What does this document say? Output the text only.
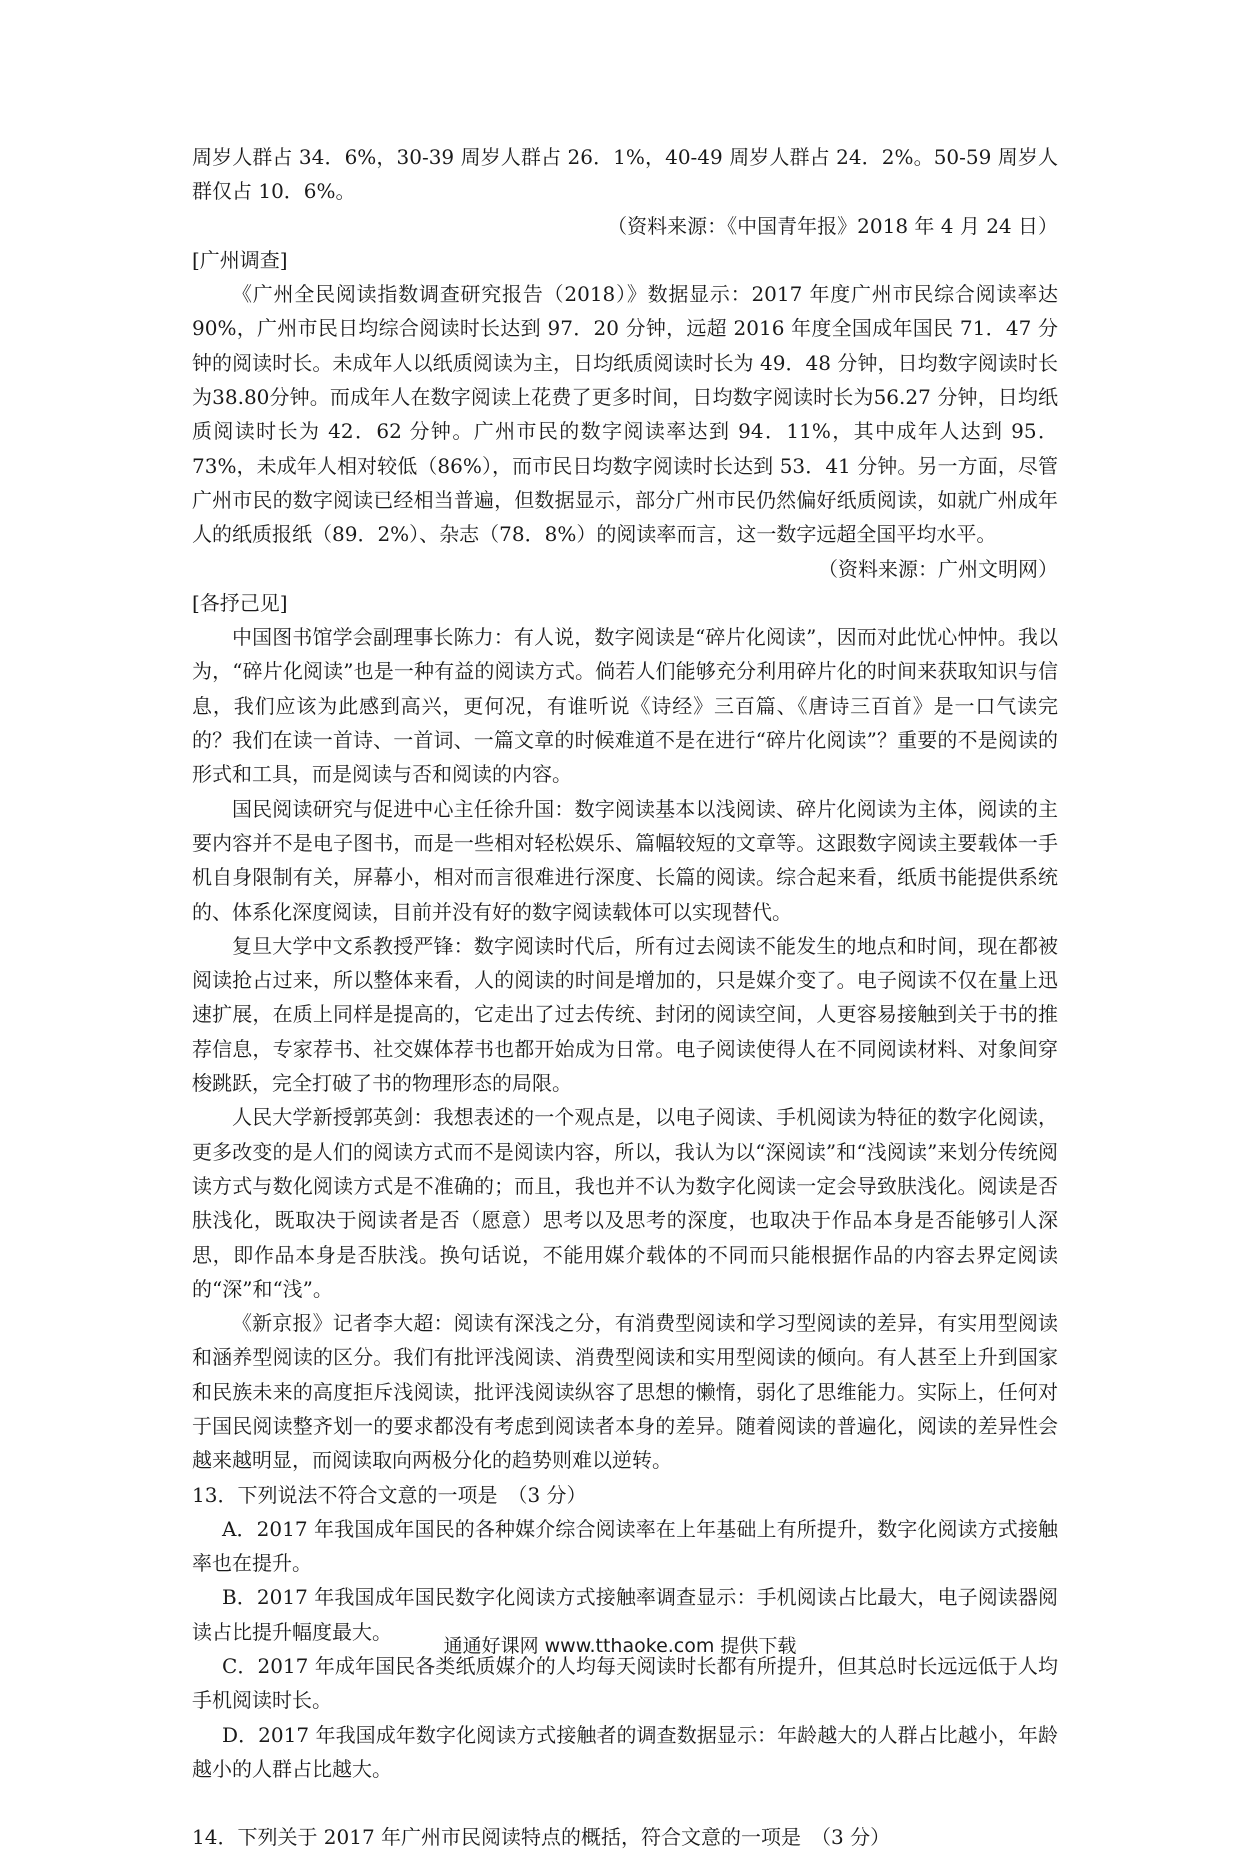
周岁人群占 34．6%，30-39 周岁人群占 26．1%，40-49 周岁人群占 24．2%。50-59 周岁人群仅占 10．6%。

（资料来源：《中国青年报》2018 年 4 月 24 日）

[广州调查]

《广州全民阅读指数调查研究报告（2018）》数据显示：2017 年度广州市民综合阅读率达 90%，广州市民日均综合阅读时长达到 97．20 分钟，远超 2016 年度全国成年国民 71．47 分钟的阅读时长。未成年人以纸质阅读为主，日均纸质阅读时长为 49．48 分钟，日均数字阅读时长为38.80分钟。而成年人在数字阅读上花费了更多时间，日均数字阅读时长为56.27 分钟，日均纸质阅读时长为 42．62 分钟。广州市民的数字阅读率达到 94．11%，其中成年人达到 95．73%，未成年人相对较低（86%），而市民日均数字阅读时长达到 53．41 分钟。另一方面，尽管广州市民的数字阅读已经相当普遍，但数据显示，部分广州市民仍然偏好纸质阅读，如就广州成年人的纸质报纸（89．2%）、杂志（78．8%）的阅读率而言，这一数字远超全国平均水平。

（资料来源：广州文明网）

[各抒己见]

中国图书馆学会副理事长陈力：有人说，数字阅读是“碎片化阅读”，因而对此忧心忡忡。我以为，“碎片化阅读”也是一种有益的阅读方式。倘若人们能够充分利用碎片化的时间来获取知识与信息，我们应该为此感到高兴，更何况，有谁听说《诗经》三百篇、《唐诗三百首》是一口气读完的？我们在读一首诗、一首词、一篇文章的时候难道不是在进行“碎片化阅读”？重要的不是阅读的形式和工具，而是阅读与否和阅读的内容。

国民阅读研究与促进中心主任徐升国：数字阅读基本以浅阅读、碎片化阅读为主体，阅读的主要内容并不是电子图书，而是一些相对轻松娱乐、篇幅较短的文章等。这跟数字阅读主要载体一手机自身限制有关，屏幕小，相对而言很难进行深度、长篇的阅读。综合起来看，纸质书能提供系统的、体系化深度阅读，目前并没有好的数字阅读载体可以实现替代。

复旦大学中文系教授严锋：数字阅读时代后，所有过去阅读不能发生的地点和时间，现在都被阅读抢占过来，所以整体来看，人的阅读的时间是增加的，只是媒介变了。电子阅读不仅在量上迅速扩展，在质上同样是提高的，它走出了过去传统、封闭的阅读空间，人更容易接触到关于书的推荐信息，专家荐书、社交媒体荐书也都开始成为日常。电子阅读使得人在不同阅读材料、对象间穿梭跳跃，完全打破了书的物理形态的局限。

人民大学新授郭英剑：我想表述的一个观点是，以电子阅读、手机阅读为特征的数字化阅读，更多改变的是人们的阅读方式而不是阅读内容，所以，我认为以“深阅读”和“浅阅读”来划分传统阅读方式与数化阅读方式是不准确的；而且，我也并不认为数字化阅读一定会导致肤浅化。阅读是否肤浅化，既取决于阅读者是否（愿意）思考以及思考的深度，也取决于作品本身是否能够引人深思，即作品本身是否肤浅。换句话说，不能用媒介载体的不同而只能根据作品的内容去界定阅读的“深”和“浅”。

《新京报》记者李大超：阅读有深浅之分，有消费型阅读和学习型阅读的差异，有实用型阅读和涵养型阅读的区分。我们有批评浅阅读、消费型阅读和实用型阅读的倾向。有人甚至上升到国家和民族未来的高度拒斥浅阅读，批评浅阅读纵容了思想的懒惰，弱化了思维能力。实际上，任何对于国民阅读整齐划一的要求都没有考虑到阅读者本身的差异。随着阅读的普遍化，阅读的差异性会越来越明显，而阅读取向两极分化的趋势则难以逆转。

13．下列说法不符合文意的一项是　（3 分）

A．2017 年我国成年国民的各种媒介综合阅读率在上年基础上有所提升，数字化阅读方式接触率也在提升。

B．2017 年我国成年国民数字化阅读方式接触率调查显示：手机阅读占比最大，电子阅读器阅读占比提升幅度最大。

C．2017 年成年国民各类纸质媒介的人均每天阅读时长都有所提升，但其总时长远远低于人均手机阅读时长。

D．2017 年我国成年数字化阅读方式接触者的调查数据显示：年龄越大的人群占比越小，年龄越小的人群占比越大。

14．下列关于 2017 年广州市民阅读特点的概括，符合文意的一项是　（3 分）

通通好课网 www.tthaoke.com 提供下载
